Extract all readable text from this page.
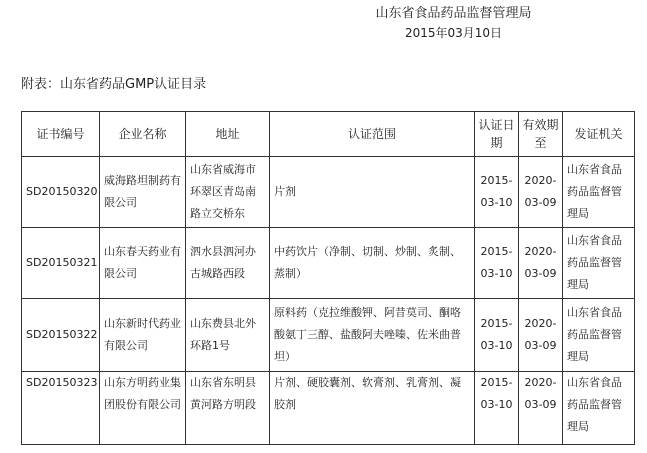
山东省食品药品监督管理局
2015年03月10日
附表：山东省药品GMP认证目录
证书编号	企业名称	地址	认证范围	认证日期	有效期至	发证机关
SD20150320	威海路坦制药有限公司	山东省威海市环翠区青岛南路立交桥东	片剂	2015-03-10	2020-03-09	山东省食品药品监督管理局
SD20150321	山东春天药业有限公司	泗水县泗河办古城路西段	中药饮片（净制、切制、炒制、炙制、蒸制）	2015-03-10	2020-03-09	山东省食品药品监督管理局
SD20150322	山东新时代药业有限公司	山东费县北外环路1号	原料药（克拉维酸钾、阿昔莫司、酮咯酸氨丁三醇、盐酸阿夫唑嗪、佐米曲普坦）	2015-03-10	2020-03-09	山东省食品药品监督管理局
SD20150323	山东方明药业集团股份有限公司	山东省东明县黄河路方明段	片剂、硬胶囊剂、软膏剂、乳膏剂、凝胶剂	2015-03-10	2020-03-09	山东省食品药品监督管理局
